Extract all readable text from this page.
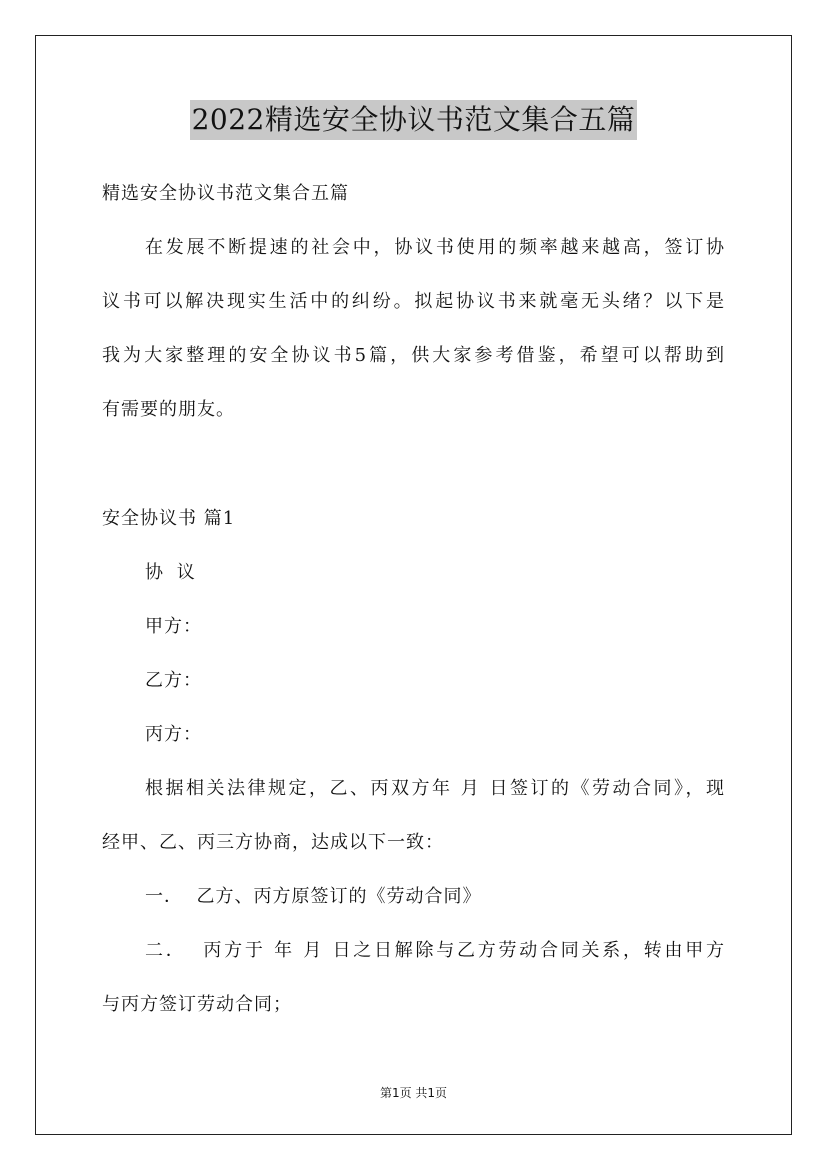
2022精选安全协议书范文集合五篇
精选安全协议书范文集合五篇
在发展不断提速的社会中，协议书使用的频率越来越高，签订协
议书可以解决现实生活中的纠纷。拟起协议书来就毫无头绪？以下是
我为大家整理的安全协议书5篇，供大家参考借鉴，希望可以帮助到
有需要的朋友。
安全协议书 篇1
协 议
甲方：
乙方：
丙方：
根据相关法律规定，乙、丙双方年 月 日签订的《劳动合同》，现
经甲、乙、丙三方协商，达成以下一致：
一．  乙方、丙方原签订的《劳动合同》
二．  丙方于 年 月 日之日解除与乙方劳动合同关系，转由甲方
与丙方签订劳动合同；
第1页 共1页
